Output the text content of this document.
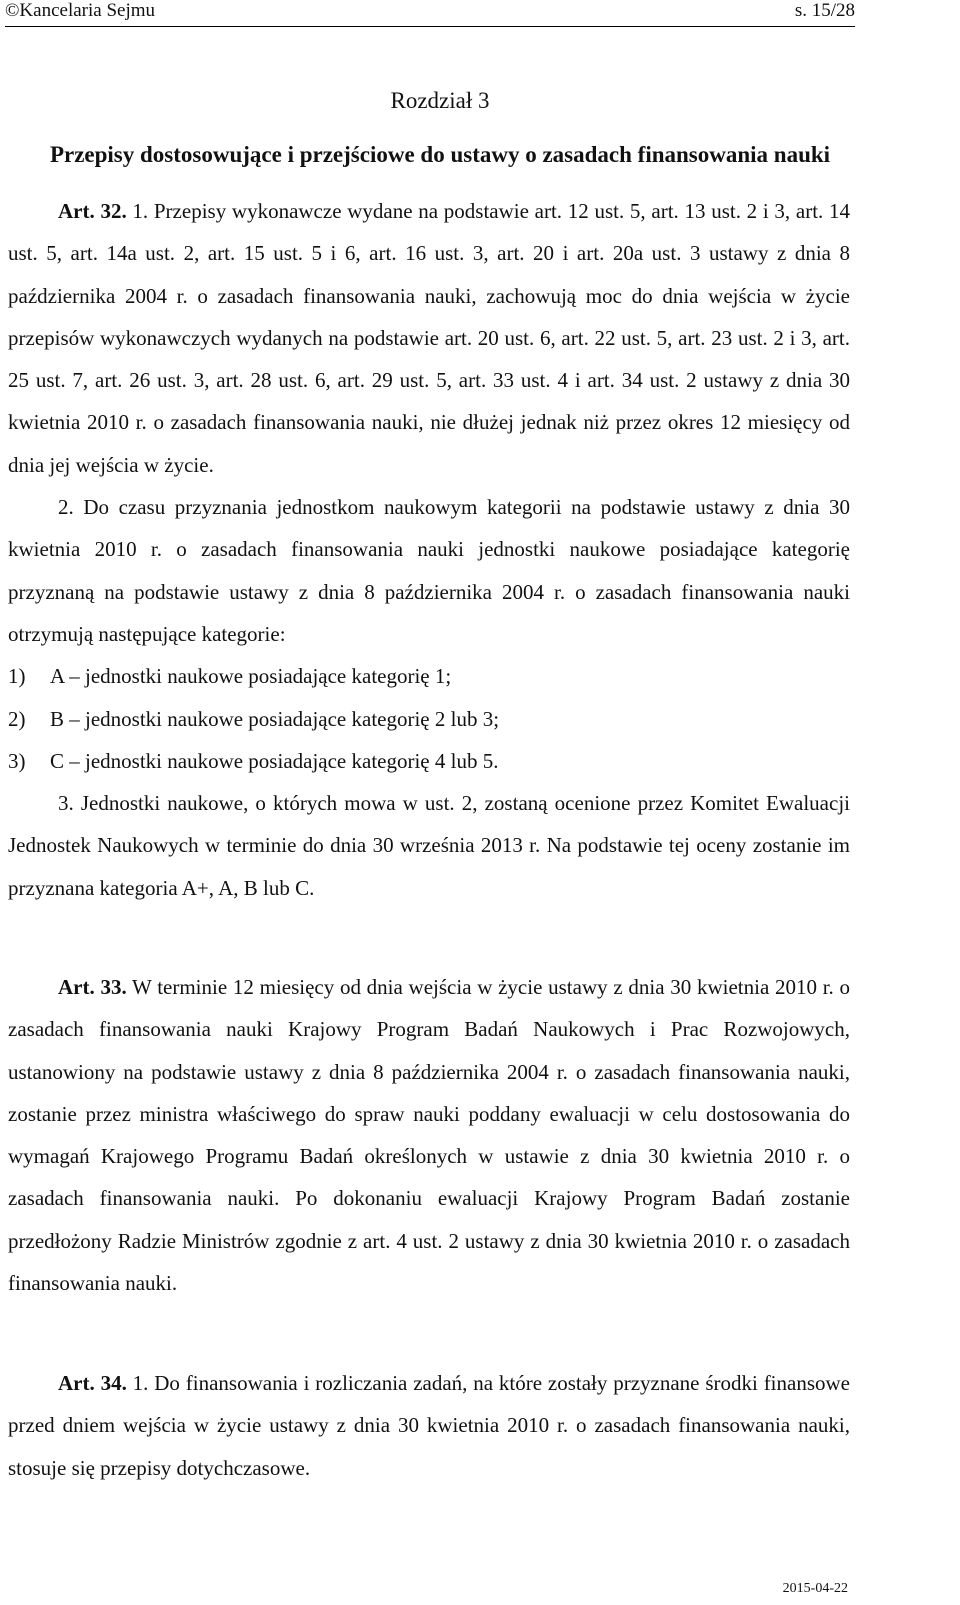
©Kancelaria Sejmu	s. 15/28
Rozdział 3
Przepisy dostosowujące i przejściowe do ustawy o zasadach finansowania nauki

Art. 32. 1. Przepisy wykonawcze wydane na podstawie art. 12 ust. 5, art. 13 ust. 2 i 3, art. 14 ust. 5, art. 14a ust. 2, art. 15 ust. 5 i 6, art. 16 ust. 3, art. 20 i art. 20a ust. 3 ustawy z dnia 8 października 2004 r. o zasadach finansowania nauki, zachowują moc do dnia wejścia w życie przepisów wykonawczych wydanych na podstawie art. 20 ust. 6, art. 22 ust. 5, art. 23 ust. 2 i 3, art. 25 ust. 7, art. 26 ust. 3, art. 28 ust. 6, art. 29 ust. 5, art. 33 ust. 4 i art. 34 ust. 2 ustawy z dnia 30 kwietnia 2010 r. o zasadach finansowania nauki, nie dłużej jednak niż przez okres 12 miesięcy od dnia jej wejścia w życie.

2. Do czasu przyznania jednostkom naukowym kategorii na podstawie ustawy z dnia 30 kwietnia 2010 r. o zasadach finansowania nauki jednostki naukowe posiadające kategorię przyznaną na podstawie ustawy z dnia 8 października 2004 r. o zasadach finansowania nauki otrzymują następujące kategorie:

1)	A – jednostki naukowe posiadające kategorię 1;
2)	B – jednostki naukowe posiadające kategorię 2 lub 3;
3)	C – jednostki naukowe posiadające kategorię 4 lub 5.

3. Jednostki naukowe, o których mowa w ust. 2, zostaną ocenione przez Komitet Ewaluacji Jednostek Naukowych w terminie do dnia 30 września 2013 r. Na podstawie tej oceny zostanie im przyznana kategoria A+, A, B lub C.

Art. 33. W terminie 12 miesięcy od dnia wejścia w życie ustawy z dnia 30 kwietnia 2010 r. o zasadach finansowania nauki Krajowy Program Badań Naukowych i Prac Rozwojowych, ustanowiony na podstawie ustawy z dnia 8 października 2004 r. o zasadach finansowania nauki, zostanie przez ministra właściwego do spraw nauki poddany ewaluacji w celu dostosowania do wymagań Krajowego Programu Badań określonych w ustawie z dnia 30 kwietnia 2010 r. o zasadach finansowania nauki. Po dokonaniu ewaluacji Krajowy Program Badań zostanie przedłożony Radzie Ministrów zgodnie z art. 4 ust. 2 ustawy z dnia 30 kwietnia 2010 r. o zasadach finansowania nauki.

Art. 34. 1. Do finansowania i rozliczania zadań, na które zostały przyznane środki finansowe przed dniem wejścia w życie ustawy z dnia 30 kwietnia 2010 r. o zasadach finansowania nauki, stosuje się przepisy dotychczasowe.

2015-04-22
